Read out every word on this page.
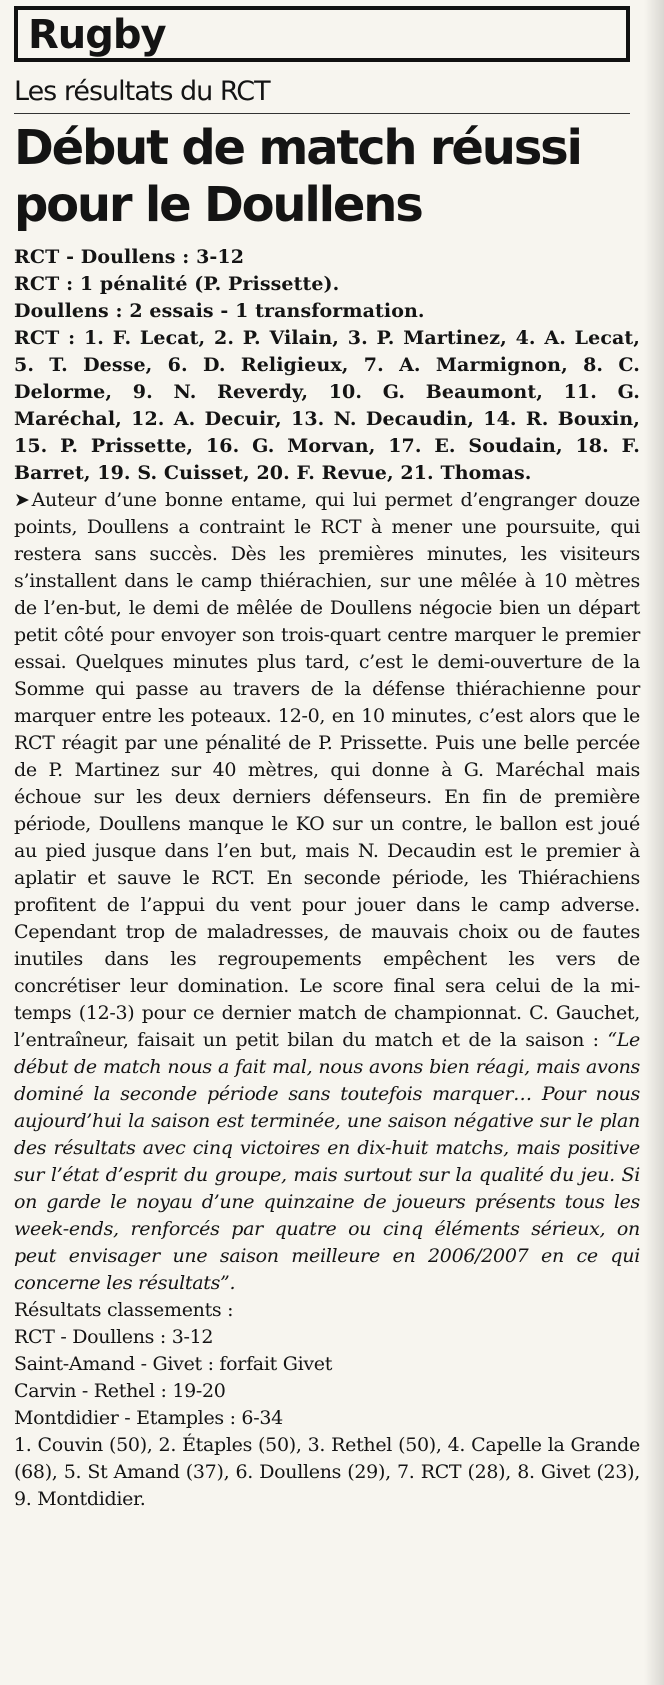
Rugby
Les résultats du RCT
Début de match réussi pour le Doullens

RCT - Doullens : 3-12

RCT : 1 pénalité (P. Prissette).

Doullens : 2 essais - 1 transformation.

RCT : 1. F. Lecat, 2. P. Vilain, 3. P. Martinez, 4. A. Lecat, 5. T. Desse, 6. D. Religieux, 7. A. Marmignon, 8. C. Delorme, 9. N. Reverdy, 10. G. Beaumont, 11. G. Maréchal, 12. A. Decuir, 13. N. Decaudin, 14. R. Bouxin, 15. P. Prissette, 16. G. Morvan, 17. E. Soudain, 18. F. Barret, 19. S. Cuisset, 20. F. Revue, 21. Thomas.

➤ Auteur d’une bonne entame, qui lui permet d’engranger douze points, Doullens a contraint le RCT à mener une poursuite, qui restera sans succès. Dès les premières minutes, les visiteurs s’installent dans le camp thiérachien, sur une mêlée à 10 mètres de l’en-but, le demi de mêlée de Doullens négocie bien un départ petit côté pour envoyer son trois-quart centre marquer le premier essai. Quelques minutes plus tard, c’est le demi-ouverture de la Somme qui passe au travers de la défense thiérachienne pour marquer entre les poteaux. 12-0, en 10 minutes, c’est alors que le RCT réagit par une pénalité de P. Prissette. Puis une belle percée de P. Martinez sur 40 mètres, qui donne à G. Maréchal mais échoue sur les deux derniers défenseurs. En fin de première période, Doullens manque le KO sur un contre, le ballon est joué au pied jusque dans l’en but, mais N. Decaudin est le premier à aplatir et sauve le RCT. En seconde période, les Thiérachiens profitent de l’appui du vent pour jouer dans le camp adverse. Cependant trop de maladresses, de mauvais choix ou de fautes inutiles dans les regroupements empêchent les vers de concrétiser leur domination. Le score final sera celui de la mi-temps (12-3) pour ce dernier match de championnat. C. Gauchet, l’entraîneur, faisait un petit bilan du match et de la saison : “Le début de match nous a fait mal, nous avons bien réagi, mais avons dominé la seconde période sans toutefois marquer… Pour nous aujourd’hui la saison est terminée, une saison négative sur le plan des résultats avec cinq victoires en dix-huit matchs, mais positive sur l’état d’esprit du groupe, mais surtout sur la qualité du jeu. Si on garde le noyau d’une quinzaine de joueurs présents tous les week-ends, renforcés par quatre ou cinq éléments sérieux, on peut envisager une saison meilleure en 2006/2007 en ce qui concerne les résultats”.

Résultats classements :

RCT - Doullens : 3-12

Saint-Amand - Givet : forfait Givet

Carvin - Rethel : 19-20

Montdidier - Etamples : 6-34

1. Couvin (50), 2. Étaples (50), 3. Rethel (50), 4. Capelle la Grande (68), 5. St Amand (37), 6. Doullens (29), 7. RCT (28), 8. Givet (23), 9. Montdidier.
